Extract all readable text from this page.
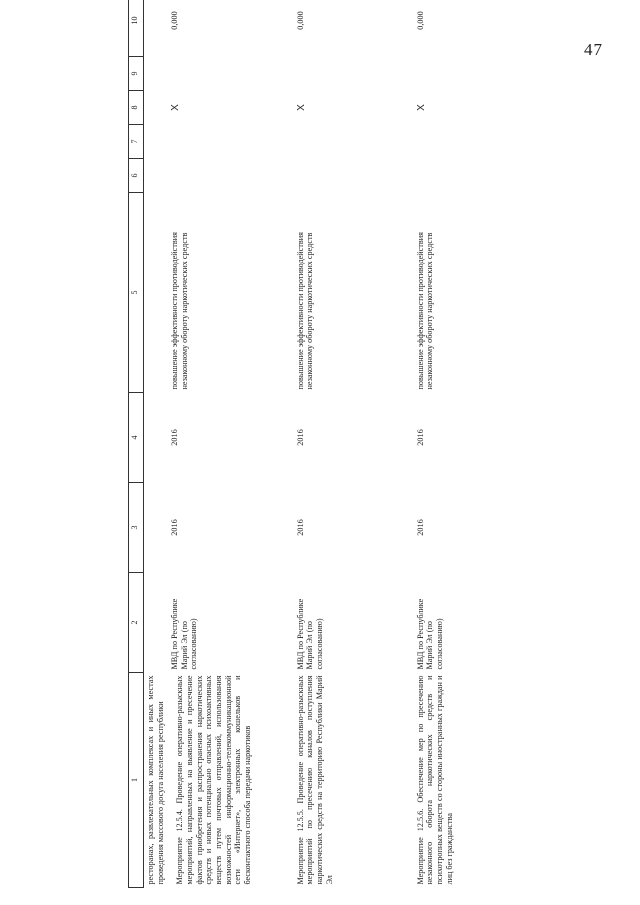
47
1	2	3	4	5	6	7	8	9	10			

ресторанах, развлекательных комплексах и иных местах проведения массового досуга населения республики Мероприятие 12.5.4. Проведение оперативно-разыскных мероприятий, направленных на выявление и пресечение фактов приобретения и распространения наркотических средств и новых потенциально опасных психоактивных веществ путем почтовых отправлений, использования возможностей информационно-телекоммуникационной сети «Интернет», электронных кошельков и бесконтактного способа передачи наркотиков	МВД по Республике Марий Эл (по согласованию)	2016	2016	повышение эффективности противодействия незаконному обороту наркотических средств			X		0,000			
Мероприятие 12.5.5. Проведение оперативно-разыскных мероприятий по пресечению каналов поступления наркотических средств на территорию Республики Марий Эл	МВД по Республике Марий Эл (по согласованию)	2016	2016	повышение эффективности противодействия незаконному обороту наркотических средств			X		0,000			
Мероприятие 12.5.6. Обеспечение мер по пресечению незаконного оборота наркотических средств и психотропных веществ со стороны иностранных граждан и лиц без гражданства	МВД по Республике Марий Эл (по согласованию)	2016	2016	повышение эффективности противодействия незаконному обороту наркотических средств			X		0,000			
